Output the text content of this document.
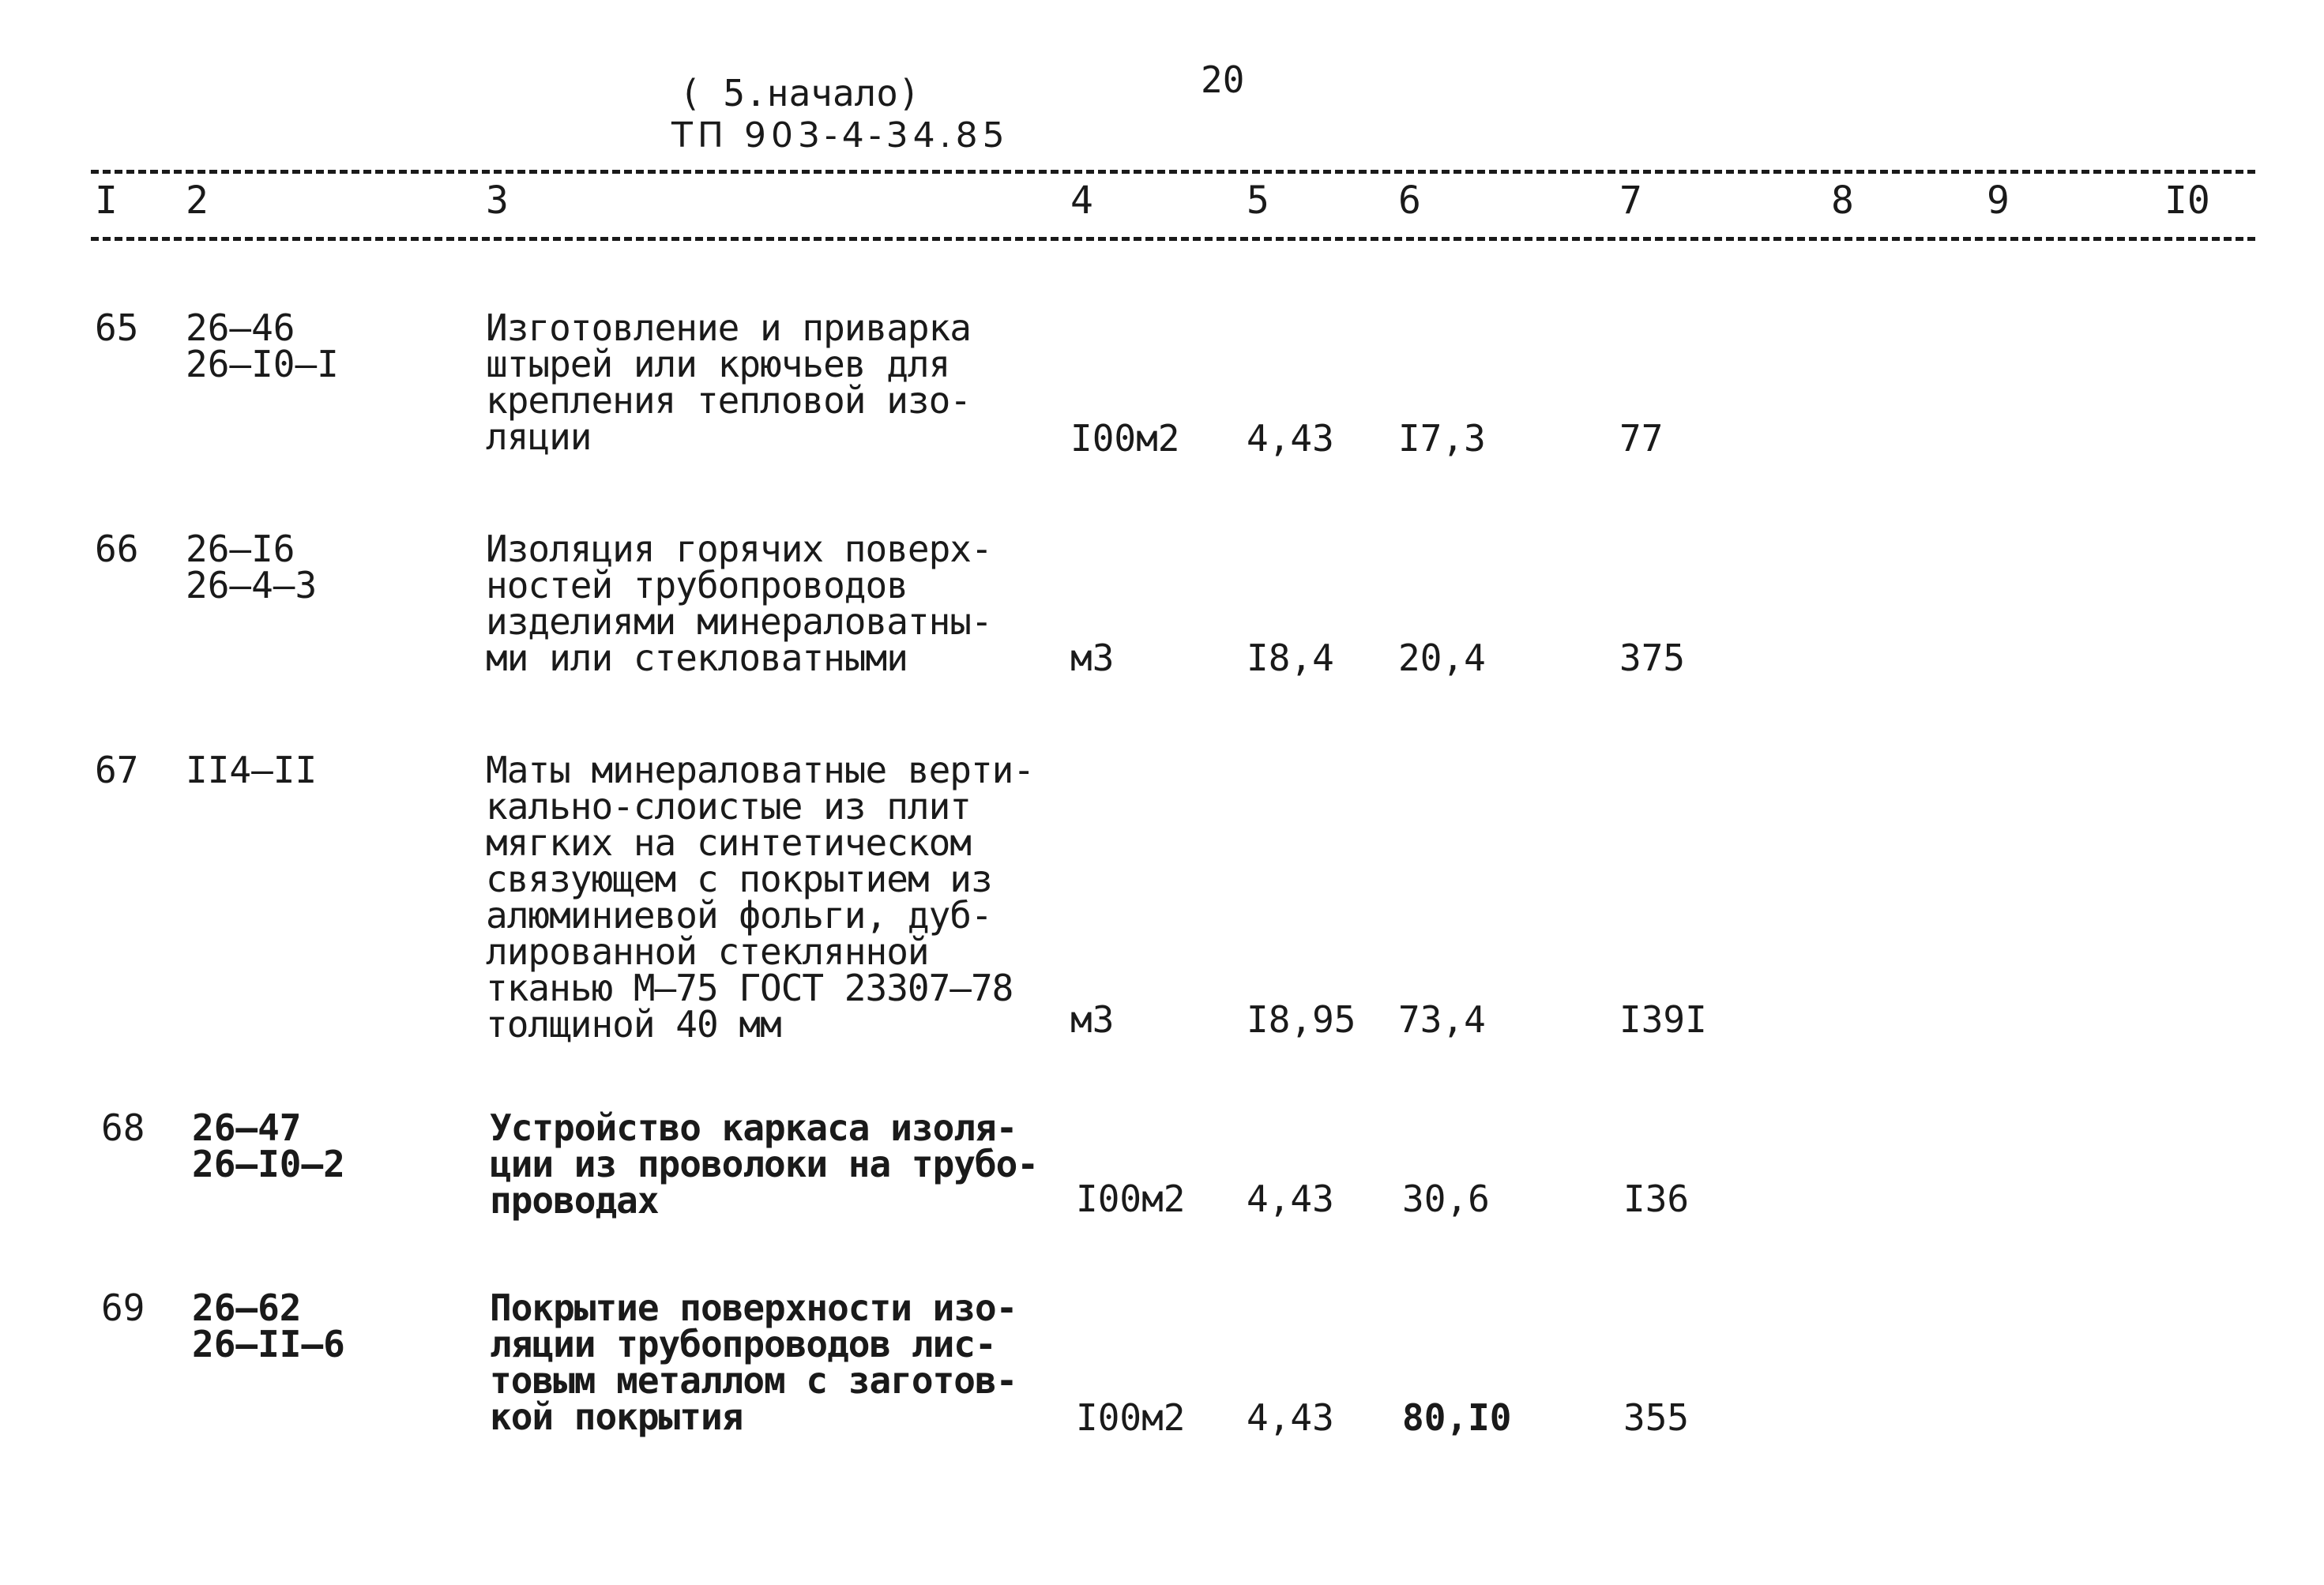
( 5.начало)
ТП 903-4-34.85
20
I 2	3	4	5	6	7	8	9	I0
65 26–46
26–I0–I
Изготовление и приварка
штырей или крючьев для
крепления тепловой изо-
ляции	I00м2 4,43 I7,3	77
66 26–I6
26–4–3
Изоляция горячих поверх-
ностей трубопроводов
изделиями минераловатны-
ми или стекловатными	м3	I8,4 20,4	375
67 II4–II	Маты минераловатные верти-
кально-слоистые из плит
мягких на синтетическом
связующем с покрытием из
алюминиевой фольги, дуб-
лированной стеклянной
тканью М–75 ГОСТ 23307–78
толщиной 40 мм	м3	I8,95 73,4	I39I
68 26–47
26–I0–2
Устройство каркаса изоля-
ции из проволоки на трубо-
проводах	I00м2 4,43 30,6	I36
69 26–62
26–II–6
Покрытие поверхности изо-
ляции трубопроводов лис-
товым металлом с заготов-
кой покрытия	I00м2 4,43 80,I0	355
